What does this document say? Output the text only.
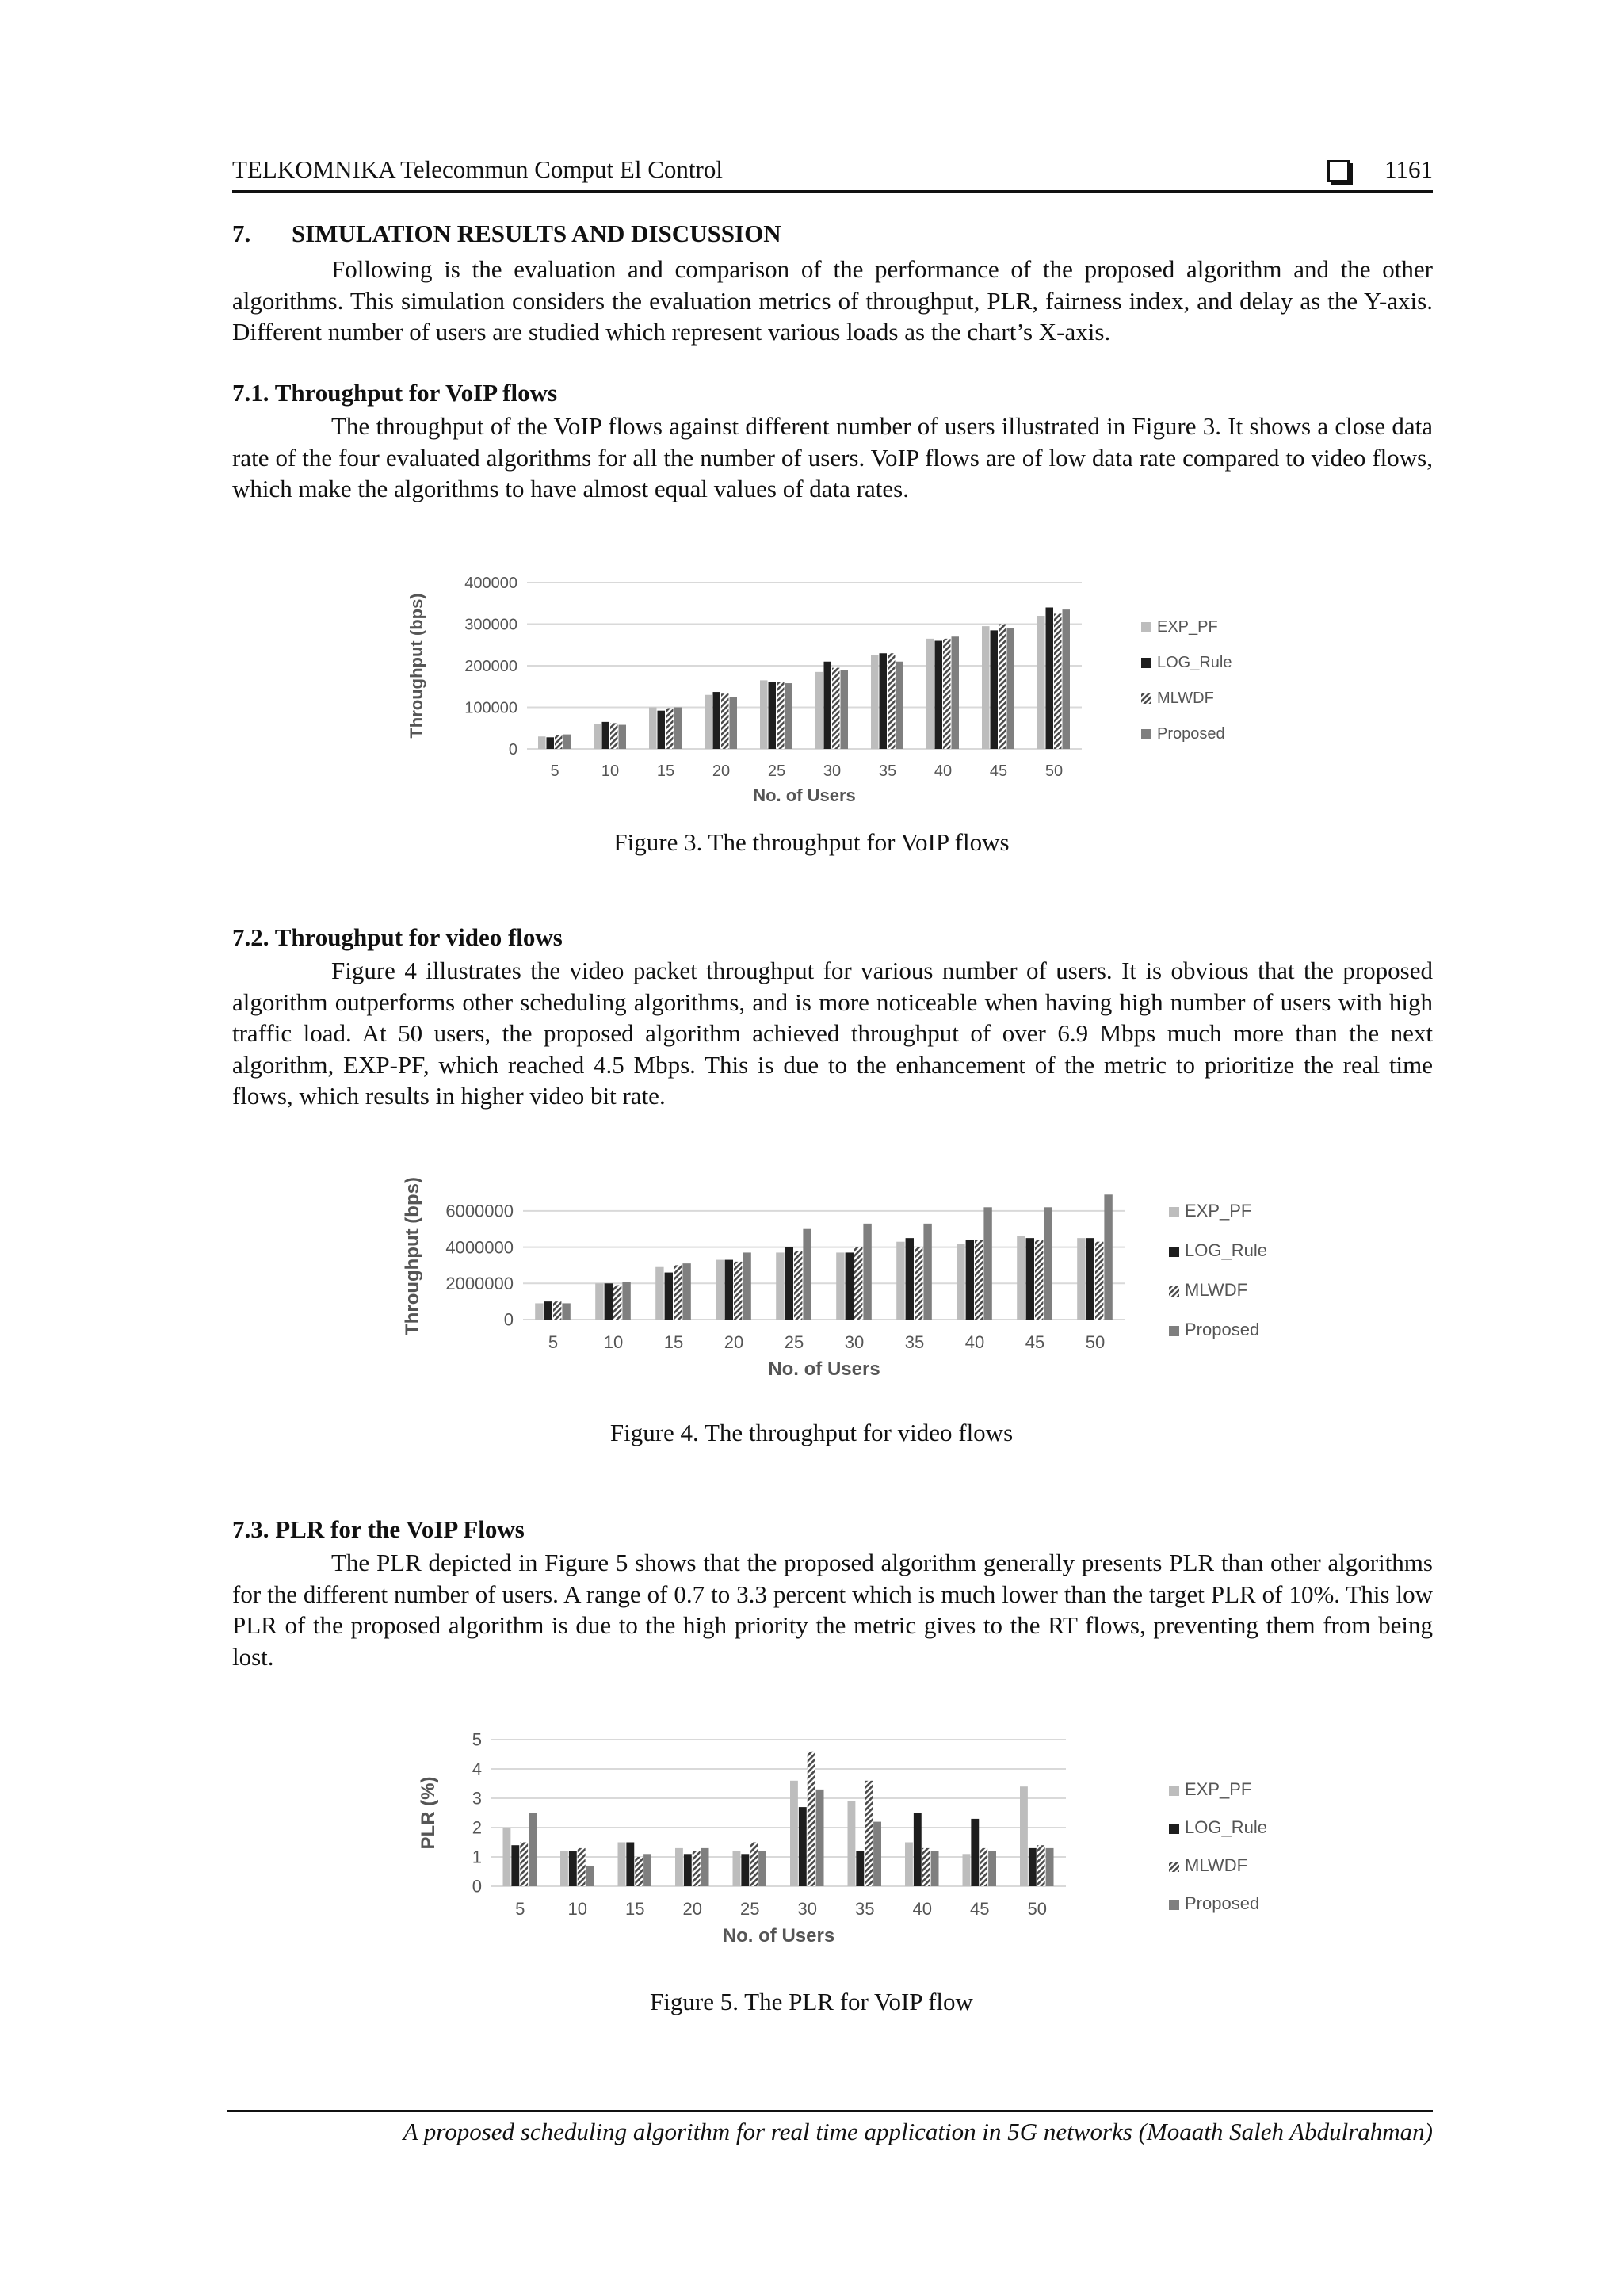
TELKOMNIKA Telecommun Comput El Control	1161
7. SIMULATION RESULTS AND DISCUSSION

Following is the evaluation and comparison of the performance of the proposed algorithm and the other algorithms. This simulation considers the evaluation metrics of throughput, PLR, fairness index, and delay as the Y-axis. Different number of users are studied which represent various loads as the chart’s X-axis.

7.1. Throughput for VoIP flows

The throughput of the VoIP flows against different number of users illustrated in Figure 3. It shows a close data rate of the four evaluated algorithms for all the number of users. VoIP flows are of low data rate compared to video flows, which make the algorithms to have almost equal values of data rates.

0
100000
200000
300000
400000
5	10 15 20 25 30 35 40 45 50
No. of Users
Throughput (bps)	EXP_PF
LOG_Rule
MLWDF
Proposed
Figure 3. The throughput for VoIP flows
7.2. Throughput for video flows

Figure 4 illustrates the video packet throughput for various number of users. It is obvious that the proposed algorithm outperforms other scheduling algorithms, and is more noticeable when having high number of users with high traffic load. At 50 users, the proposed algorithm achieved throughput of over 6.9 Mbps much more than the next algorithm, EXP-PF, which reached 4.5 Mbps. This is due to the enhancement of the metric to prioritize the real time flows, which results in higher video bit rate.

0
2000000
4000000
6000000
5	10 15 20 25 30 35 40 45 50
No. of Users
Throughput (bps)	EXP_PF
LOG_Rule
MLWDF
Proposed
Figure 4. The throughput for video flows
7.3. PLR for the VoIP Flows

The PLR depicted in Figure 5 shows that the proposed algorithm generally presents PLR than other algorithms for the different number of users. A range of 0.7 to 3.3 percent which is much lower than the target PLR of 10%. This low PLR of the proposed algorithm is due to the high priority the metric gives to the RT flows, preventing them from being lost.

0
1
2
3
4
5
5 10 15 20 25 30 35 40 45 50
No. of Users
PLR (%)	EXP_PF
LOG_Rule
MLWDF
Proposed
Figure 5. The PLR for VoIP flow
A proposed scheduling algorithm for real time application in 5G networks (Moaath Saleh Abdulrahman)
